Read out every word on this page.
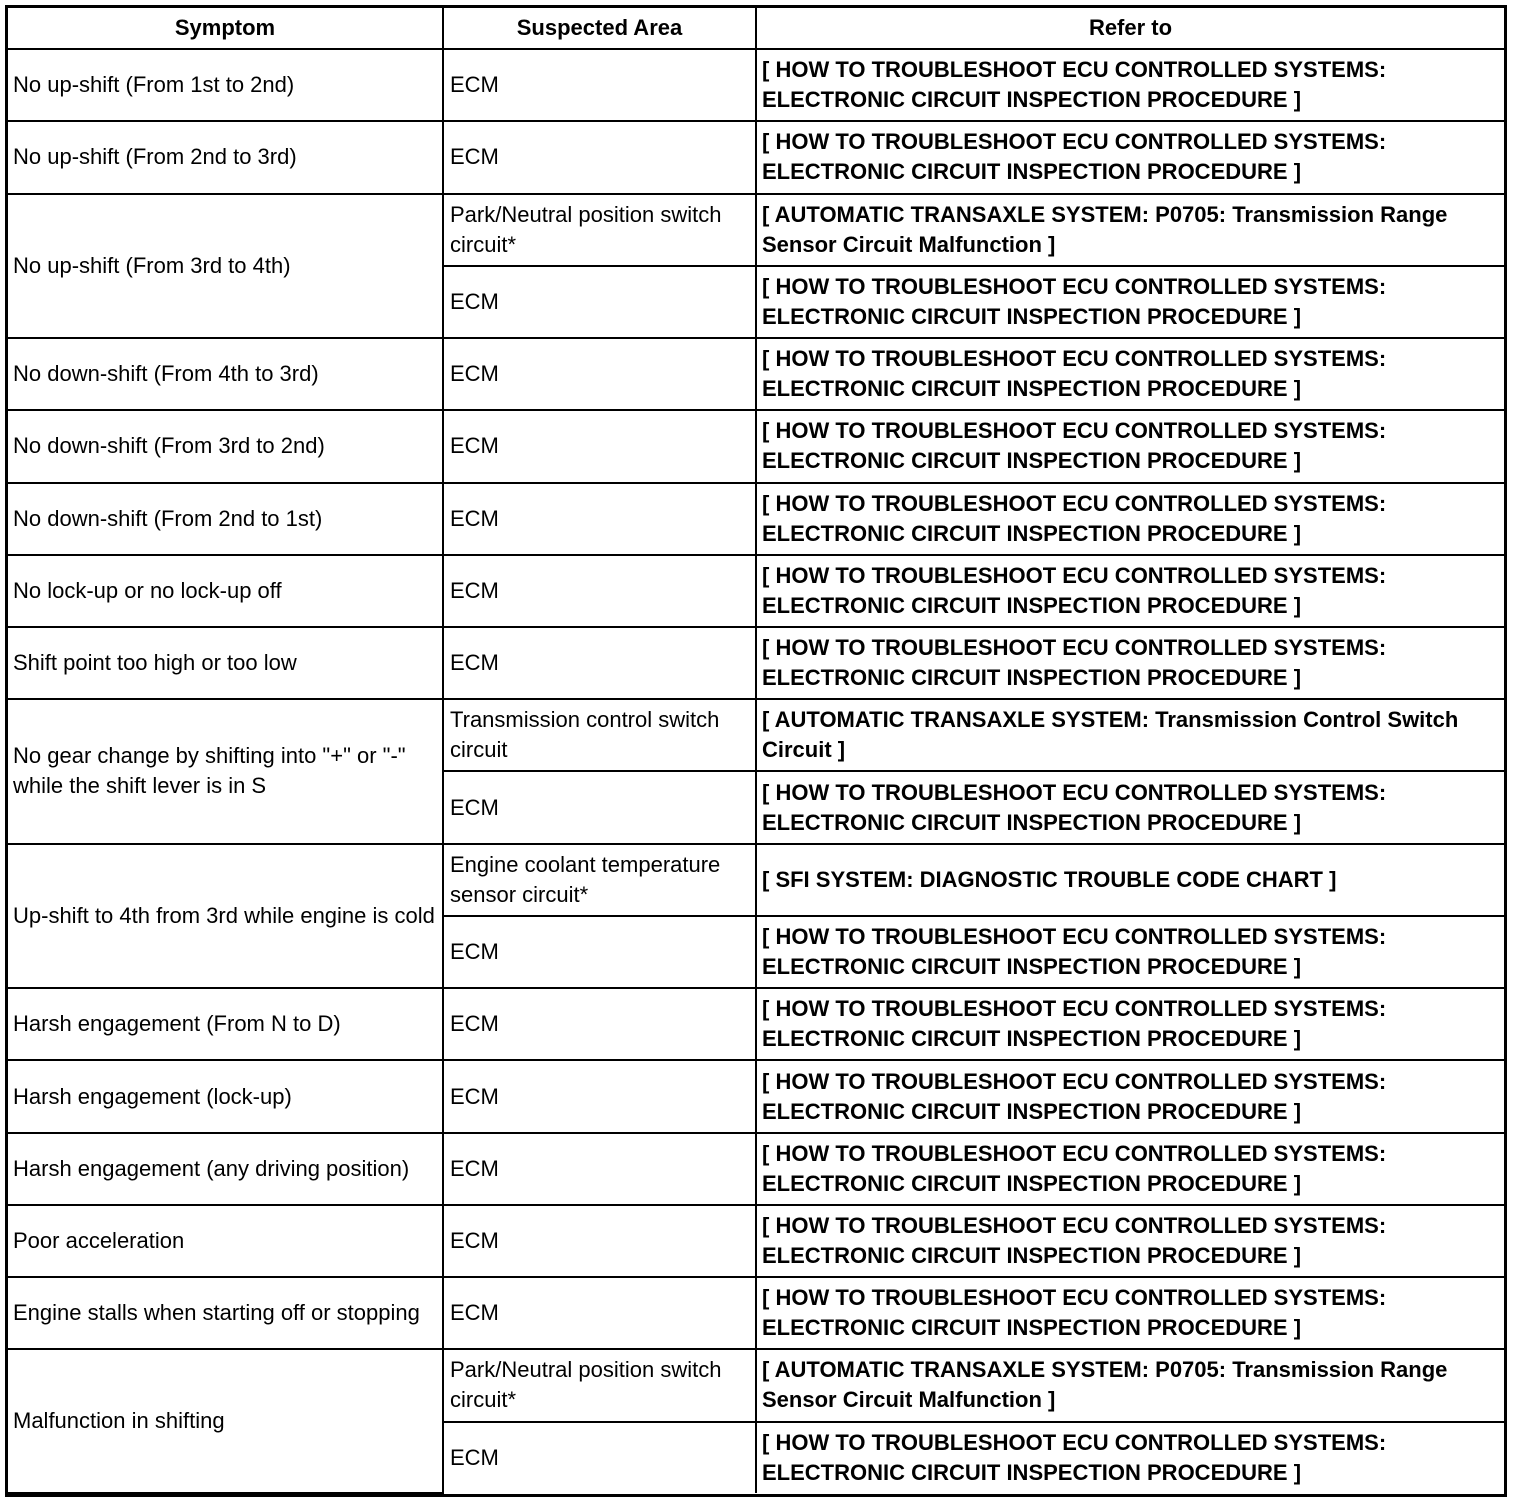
Symptom	Suspected Area	Refer to
No up-shift (From 1st to 2nd)	ECM	[ HOW TO TROUBLESHOOT ECU CONTROLLED SYSTEMS: ELECTRONIC CIRCUIT INSPECTION PROCEDURE ]
No up-shift (From 2nd to 3rd)	ECM	[ HOW TO TROUBLESHOOT ECU CONTROLLED SYSTEMS: ELECTRONIC CIRCUIT INSPECTION PROCEDURE ]
No up-shift (From 3rd to 4th)	Park/Neutral position switch circuit*	[ AUTOMATIC TRANSAXLE SYSTEM: P0705: Transmission Range Sensor Circuit Malfunction ]
	ECM	[ HOW TO TROUBLESHOOT ECU CONTROLLED SYSTEMS: ELECTRONIC CIRCUIT INSPECTION PROCEDURE ]
No down-shift (From 4th to 3rd)	ECM	[ HOW TO TROUBLESHOOT ECU CONTROLLED SYSTEMS: ELECTRONIC CIRCUIT INSPECTION PROCEDURE ]
No down-shift (From 3rd to 2nd)	ECM	[ HOW TO TROUBLESHOOT ECU CONTROLLED SYSTEMS: ELECTRONIC CIRCUIT INSPECTION PROCEDURE ]
No down-shift (From 2nd to 1st)	ECM	[ HOW TO TROUBLESHOOT ECU CONTROLLED SYSTEMS: ELECTRONIC CIRCUIT INSPECTION PROCEDURE ]
No lock-up or no lock-up off	ECM	[ HOW TO TROUBLESHOOT ECU CONTROLLED SYSTEMS: ELECTRONIC CIRCUIT INSPECTION PROCEDURE ]
Shift point too high or too low	ECM	[ HOW TO TROUBLESHOOT ECU CONTROLLED SYSTEMS: ELECTRONIC CIRCUIT INSPECTION PROCEDURE ]
No gear change by shifting into "+" or "-" while the shift lever is in S	Transmission control switch circuit	[ AUTOMATIC TRANSAXLE SYSTEM: Transmission Control Switch Circuit ]
	ECM	[ HOW TO TROUBLESHOOT ECU CONTROLLED SYSTEMS: ELECTRONIC CIRCUIT INSPECTION PROCEDURE ]
Up-shift to 4th from 3rd while engine is cold	Engine coolant temperature sensor circuit*	[ SFI SYSTEM: DIAGNOSTIC TROUBLE CODE CHART ]
	ECM	[ HOW TO TROUBLESHOOT ECU CONTROLLED SYSTEMS: ELECTRONIC CIRCUIT INSPECTION PROCEDURE ]
Harsh engagement (From N to D)	ECM	[ HOW TO TROUBLESHOOT ECU CONTROLLED SYSTEMS: ELECTRONIC CIRCUIT INSPECTION PROCEDURE ]
Harsh engagement (lock-up)	ECM	[ HOW TO TROUBLESHOOT ECU CONTROLLED SYSTEMS: ELECTRONIC CIRCUIT INSPECTION PROCEDURE ]
Harsh engagement (any driving position)	ECM	[ HOW TO TROUBLESHOOT ECU CONTROLLED SYSTEMS: ELECTRONIC CIRCUIT INSPECTION PROCEDURE ]
Poor acceleration	ECM	[ HOW TO TROUBLESHOOT ECU CONTROLLED SYSTEMS: ELECTRONIC CIRCUIT INSPECTION PROCEDURE ]
Engine stalls when starting off or stopping	ECM	[ HOW TO TROUBLESHOOT ECU CONTROLLED SYSTEMS: ELECTRONIC CIRCUIT INSPECTION PROCEDURE ]
Malfunction in shifting	Park/Neutral position switch circuit*	[ AUTOMATIC TRANSAXLE SYSTEM: P0705: Transmission Range Sensor Circuit Malfunction ]
	ECM	[ HOW TO TROUBLESHOOT ECU CONTROLLED SYSTEMS: ELECTRONIC CIRCUIT INSPECTION PROCEDURE ]
